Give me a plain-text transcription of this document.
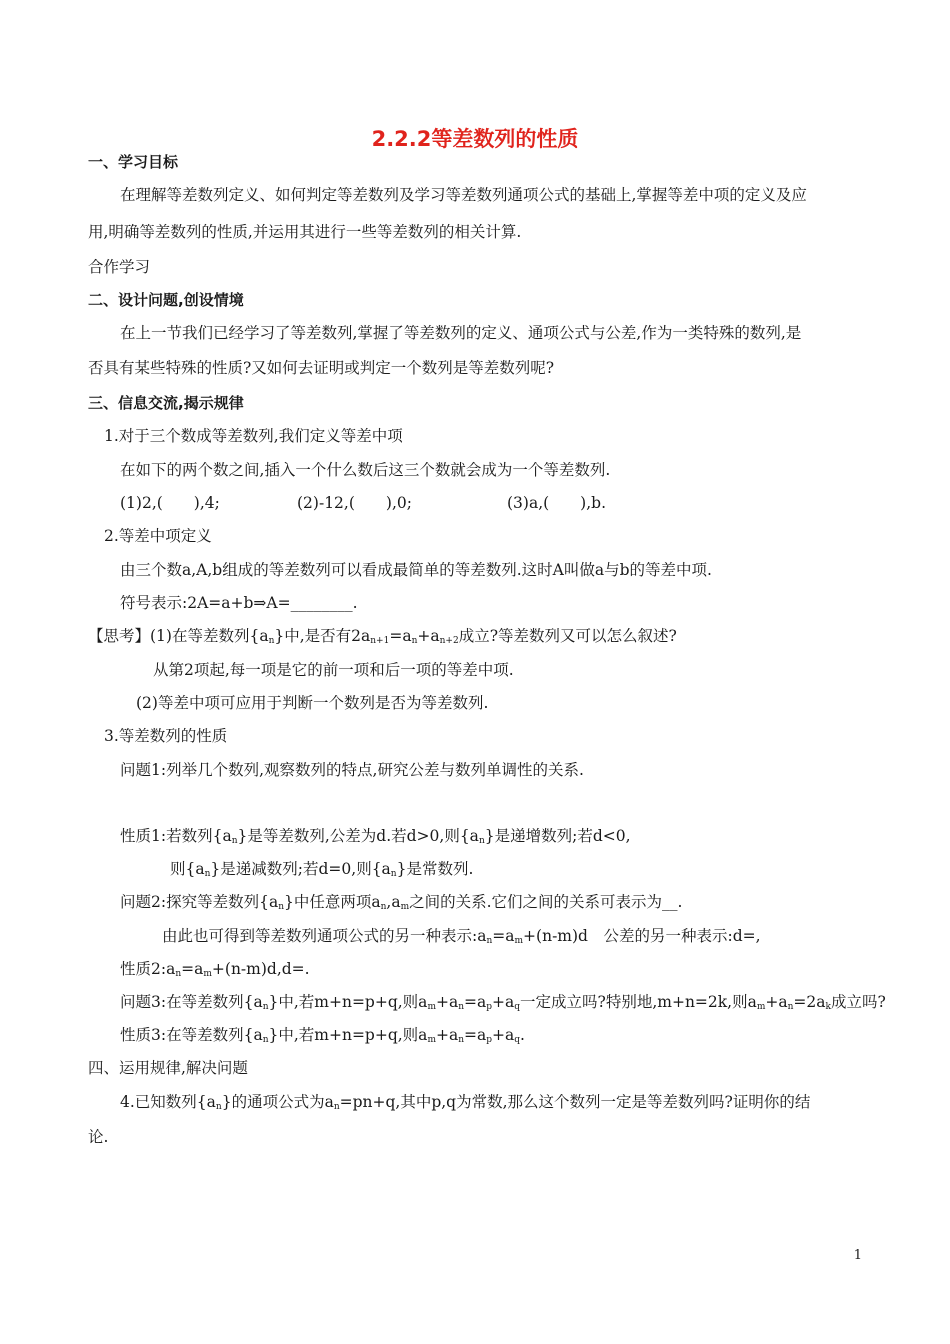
2.2.2等差数列的性质
一、学习目标
在理解等差数列定义、如何判定等差数列及学习等差数列通项公式的基础上,掌握等差中项的定义及应
用,明确等差数列的性质,并运用其进行一些等差数列的相关计算.
合作学习
二、设计问题,创设情境
在上一节我们已经学习了等差数列,掌握了等差数列的定义、通项公式与公差,作为一类特殊的数列,是
否具有某些特殊的性质?又如何去证明或判定一个数列是等差数列呢?
三、信息交流,揭示规律
1.对于三个数成等差数列,我们定义等差中项
在如下的两个数之间,插入一个什么数后这三个数就会成为一个等差数列.
(1)2,(　　),4;	(2)-12,(　　),0;	(3)a,(　　),b.
2.等差中项定义
由三个数a,A,b组成的等差数列可以看成最简单的等差数列.这时A叫做a与b的等差中项.
符号表示:2A=a+b⇒A=________.
【思考】(1)在等差数列$\{a_n\}$中,是否有$2a_{n+1}=a_n+a_{n+2}$成立?等差数列又可以怎么叙述?
从第2项起,每一项是它的前一项和后一项的等差中项.
(2)等差中项可应用于判断一个数列是否为等差数列.
3.等差数列的性质
问题1:列举几个数列,观察数列的特点,研究公差与数列单调性的关系.
性质1:若数列$\{a_n\}$是等差数列,公差为d.若d>0,则$\{a_n\}$是递增数列;若d<0,
则$\{a_n\}$是递减数列;若d=0,则$\{a_n\}$是常数列.
问题2:探究等差数列$\{a_n\}$中任意两项$a_n,a_m$之间的关系.它们之间的关系可表示为__.
由此也可得到等差数列通项公式的另一种表示$:a_n=a_m+(n-m)d$　公差的另一种表示:d=,
性质$2:a_n=a_m+(n-m)d,d=$.
问题3:在等差数列$\{a_n\}$中,若m+n=p+q,则$a_m+a_n=a_p+a_q$一定成立吗?特别地,m+n=2k,则$a_m+a_n=2a_k$成立吗?
性质3:在等差数列$\{a_n\}$中,若m+n=p+q,则$a_m+a_n=a_p+a_q$.
四、运用规律,解决问题
4.已知数列$\{a_n\}$的通项公式为$a_n=pn+q$,其中p,q为常数,那么这个数列一定是等差数列吗?证明你的结
论.
1
